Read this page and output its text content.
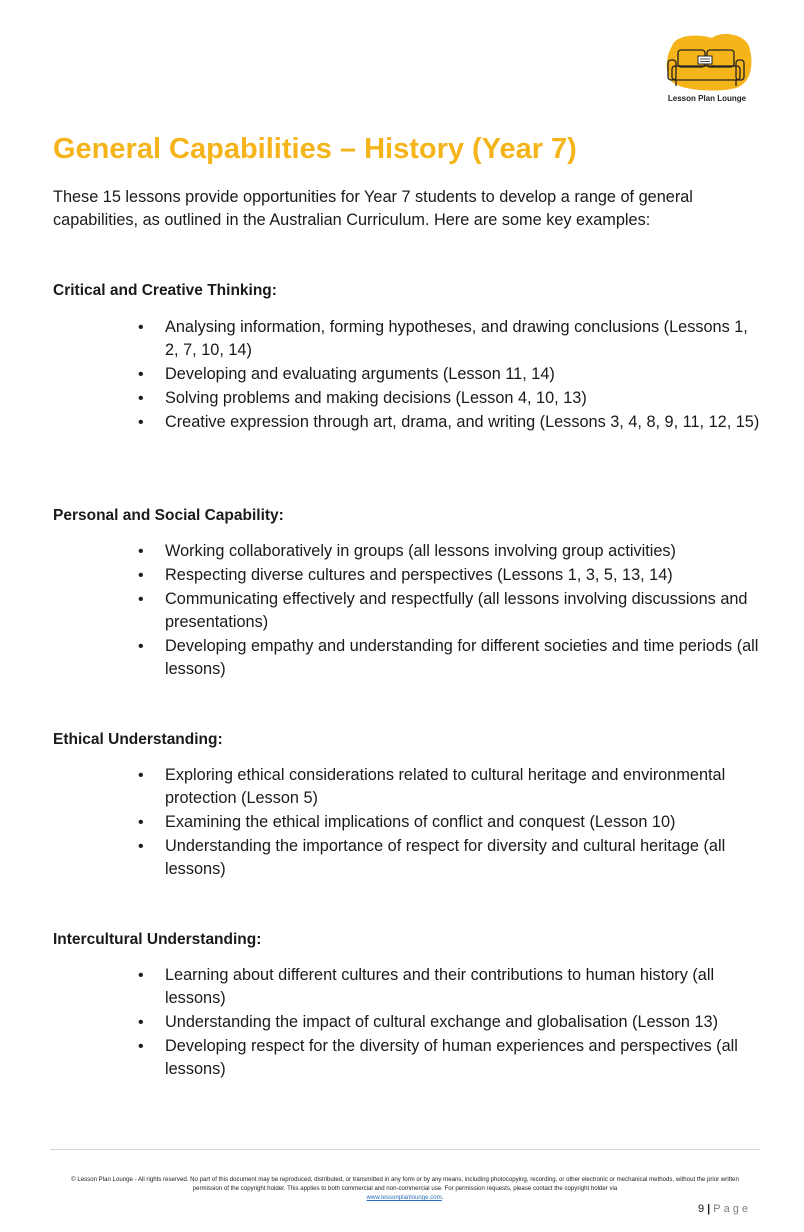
Lesson Plan Lounge
General Capabilities – History (Year 7)

These 15 lessons provide opportunities for Year 7 students to develop a range of general capabilities, as outlined in the Australian Curriculum. Here are some key examples:

Critical and Creative Thinking:
• Analysing information, forming hypotheses, and drawing conclusions (Lessons 1, 2, 7, 10, 14)
• Developing and evaluating arguments (Lesson 11, 14)
• Solving problems and making decisions (Lesson 4, 10, 13)
• Creative expression through art, drama, and writing (Lessons 3, 4, 8, 9, 11, 12, 15)
Personal and Social Capability:
• Working collaboratively in groups (all lessons involving group activities)
• Respecting diverse cultures and perspectives (Lessons 1, 3, 5, 13, 14)
• Communicating effectively and respectfully (all lessons involving discussions and presentations)
• Developing empathy and understanding for different societies and time periods (all lessons)
Ethical Understanding:
• Exploring ethical considerations related to cultural heritage and environmental protection (Lesson 5)
• Examining the ethical implications of conflict and conquest (Lesson 10)
• Understanding the importance of respect for diversity and cultural heritage (all lessons)
Intercultural Understanding:
• Learning about different cultures and their contributions to human history (all lessons)
• Understanding the impact of cultural exchange and globalisation (Lesson 13)
• Developing respect for the diversity of human experiences and perspectives (all lessons)

© Lesson Plan Lounge - All rights reserved. No part of this document may be reproduced, distributed, or transmitted in any form or by any means, including photocopying, recording, or other electronic or mechanical methods, without the prior written permission of the copyright holder. This applies to both commercial and non-commercial use. For permission requests, please contact the copyright holder via
www.lessonplanlounge.com.

9 | Page
